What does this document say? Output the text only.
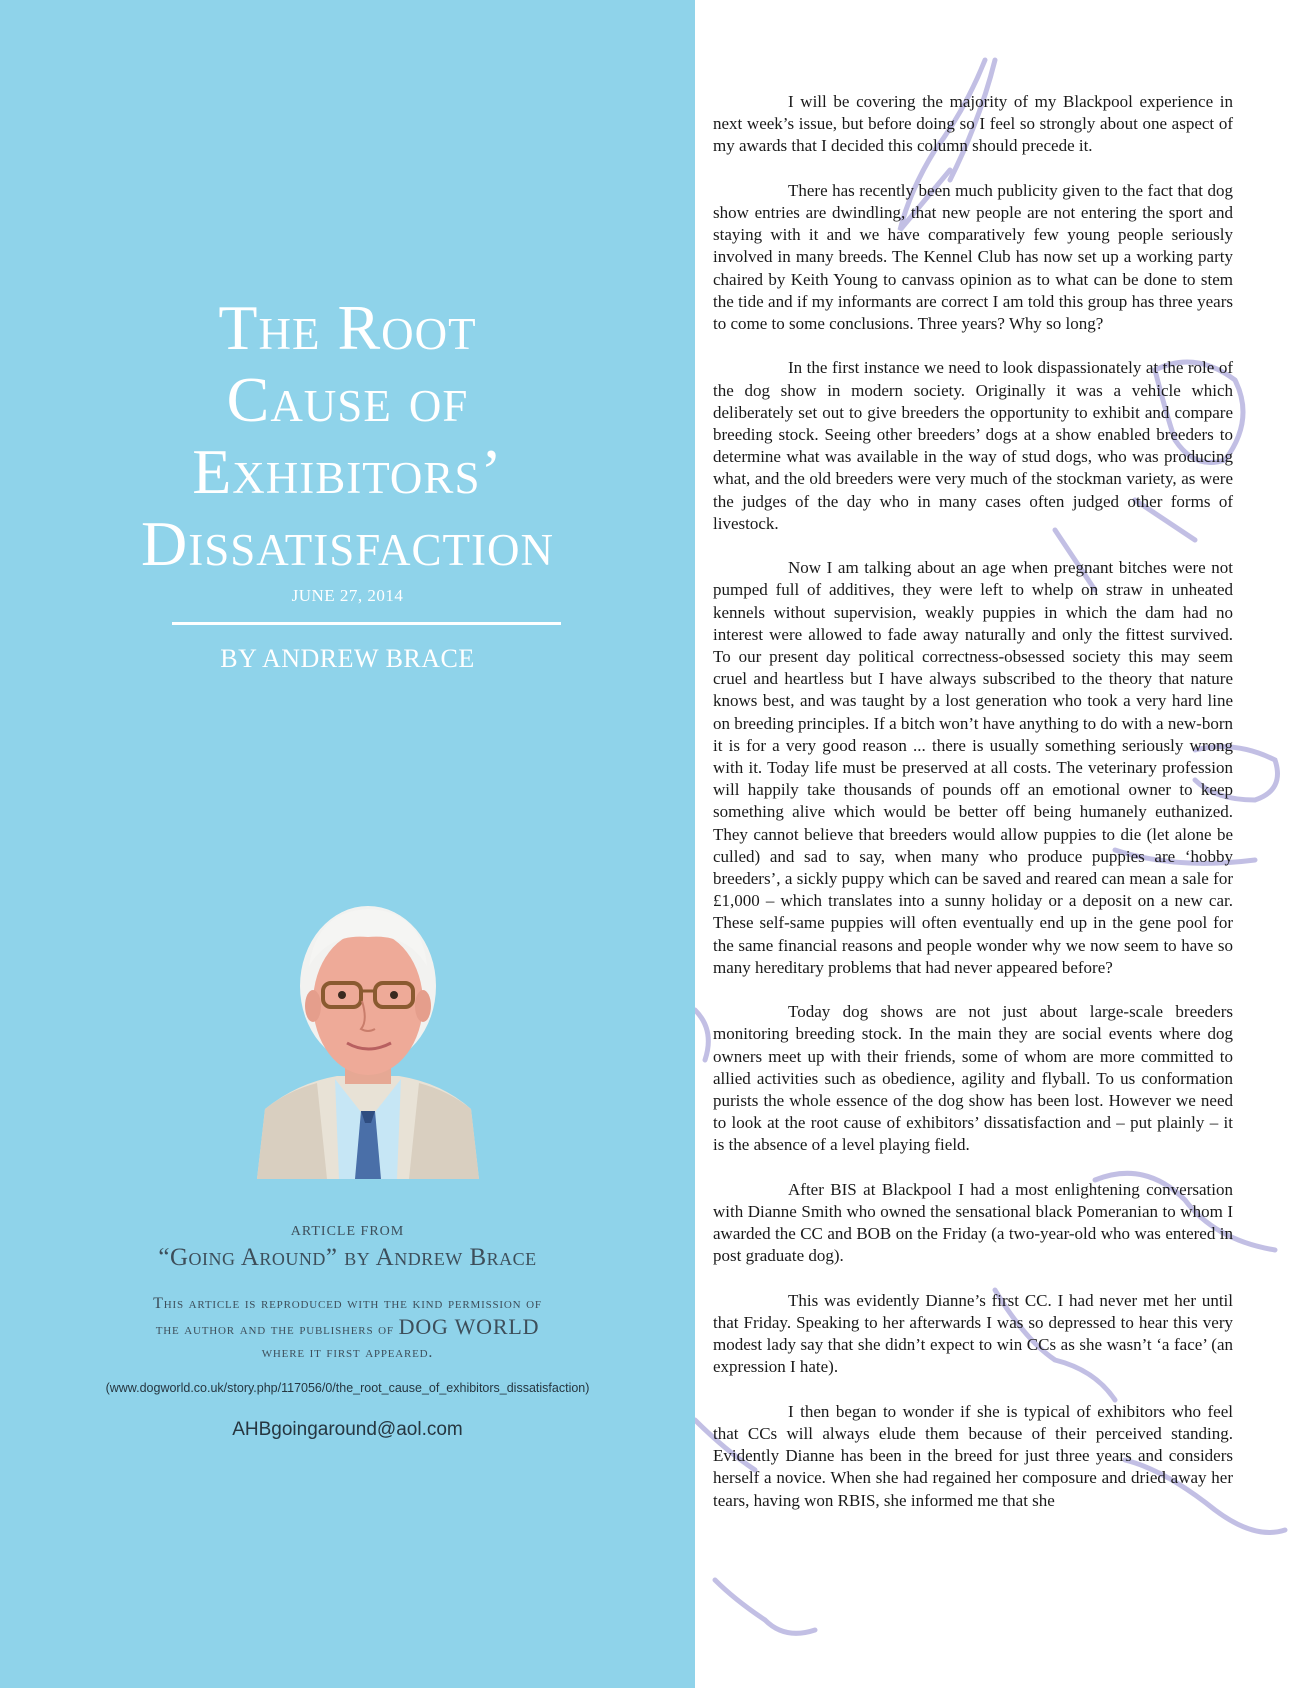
The Root
Cause of
Exhibitors’
Dissatisfaction
JUNE 27, 2014
BY ANDREW BRACE
ARTICLE FROM
“Going Around” by Andrew Brace
This article is reproduced with the kind permission of
the author and the publishers of DOG WORLD
where it first appeared.
(www.dogworld.co.uk/story.php/117056/0/the_root_cause_of_exhibitors_dissatisfaction)
AHBgoingaround@aol.com

I will be covering the majority of my Blackpool experience in next week’s issue, but before doing so I feel so strongly about one aspect of my awards that I decided this column should precede it.

There has recently been much publicity given to the fact that dog show entries are dwindling, that new people are not entering the sport and staying with it and we have comparatively few young people seriously involved in many breeds. The Kennel Club has now set up a working party chaired by Keith Young to canvass opinion as to what can be done to stem the tide and if my informants are correct I am told this group has three years to come to some conclusions. Three years? Why so long?

In the first instance we need to look dispassionately at the role of the dog show in modern society. Originally it was a vehicle which deliberately set out to give breeders the opportunity to exhibit and compare breeding stock. Seeing other breeders’ dogs at a show enabled breeders to determine what was available in the way of stud dogs, who was producing what, and the old breeders were very much of the stockman variety, as were the judges of the day who in many cases often judged other forms of livestock.

Now I am talking about an age when pregnant bitches were not pumped full of additives, they were left to whelp on straw in unheated kennels without supervision, weakly puppies in which the dam had no interest were allowed to fade away naturally and only the fittest survived. To our present day political correctness-obsessed society this may seem cruel and heartless but I have always subscribed to the theory that nature knows best, and was taught by a lost generation who took a very hard line on breeding principles. If a bitch won’t have anything to do with a new-born it is for a very good reason ... there is usually something seriously wrong with it. Today life must be preserved at all costs. The veterinary profession will happily take thousands of pounds off an emotional owner to keep something alive which would be better off being humanely euthanized. They cannot believe that breeders would allow puppies to die (let alone be culled) and sad to say, when many who produce puppies are ‘hobby breeders’, a sickly puppy which can be saved and reared can mean a sale for £1,000 – which translates into a sunny holiday or a deposit on a new car. These self-same puppies will often eventually end up in the gene pool for the same financial reasons and people wonder why we now seem to have so many hereditary problems that had never appeared before?

Today dog shows are not just about large-scale breeders monitoring breeding stock. In the main they are social events where dog owners meet up with their friends, some of whom are more committed to allied activities such as obedience, agility and flyball. To us conformation purists the whole essence of the dog show has been lost. However we need to look at the root cause of exhibitors’ dissatisfaction and – put plainly – it is the absence of a level playing field.

After BIS at Blackpool I had a most enlightening conversation with Dianne Smith who owned the sensational black Pomeranian to whom I awarded the CC and BOB on the Friday (a two-year-old who was entered in post graduate dog).

This was evidently Dianne’s first CC. I had never met her until that Friday. Speaking to her afterwards I was so depressed to hear this very modest lady say that she didn’t expect to win CCs as she wasn’t ‘a face’ (an expression I hate).

I then began to wonder if she is typical of exhibitors who feel that CCs will always elude them because of their perceived standing. Evidently Dianne has been in the breed for just three years and considers herself a novice. When she had regained her composure and dried away her tears, having won RBIS, she informed me that she
